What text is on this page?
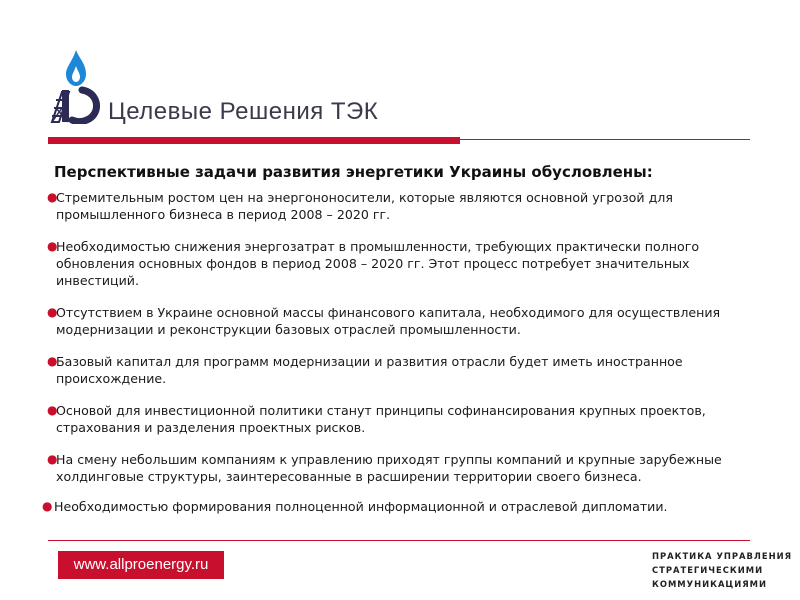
Целевые Решения ТЭК
Перспективные задачи развития энергетики Украины обусловлены:
●
Стремительным ростом цен на энергононосители, которые являются основной угрозой для промышленного бизнеса в период 2008 – 2020 гг.
●
Необходимостью снижения энергозатрат в промышленности, требующих практически полного обновления основных фондов в период 2008 – 2020 гг. Этот процесс потребует значительных инвестиций.
●
Отсутствием в Украине основной массы финансового капитала, необходимого для осуществления модернизации и реконструкции базовых отраслей промышленности.
●
Базовый капитал для программ модернизации и развития отрасли будет иметь иностранное происхождение.
●
Основой для инвестиционной политики станут принципы софинансирования крупных проектов, страхования и разделения проектных рисков.
●
На смену небольшим компаниям к управлению приходят группы компаний и крупные зарубежные холдинговые структуры, заинтересованные в расширении территории своего бизнеса.
● Необходимостью формирования полноценной информационной и отраслевой дипломатии.
www.allproenergy.ru	ПРАКТИКА УПРАВЛЕНИЯ
СТРАТЕГИЧЕСКИМИ
КОММУНИКАЦИЯМИ
